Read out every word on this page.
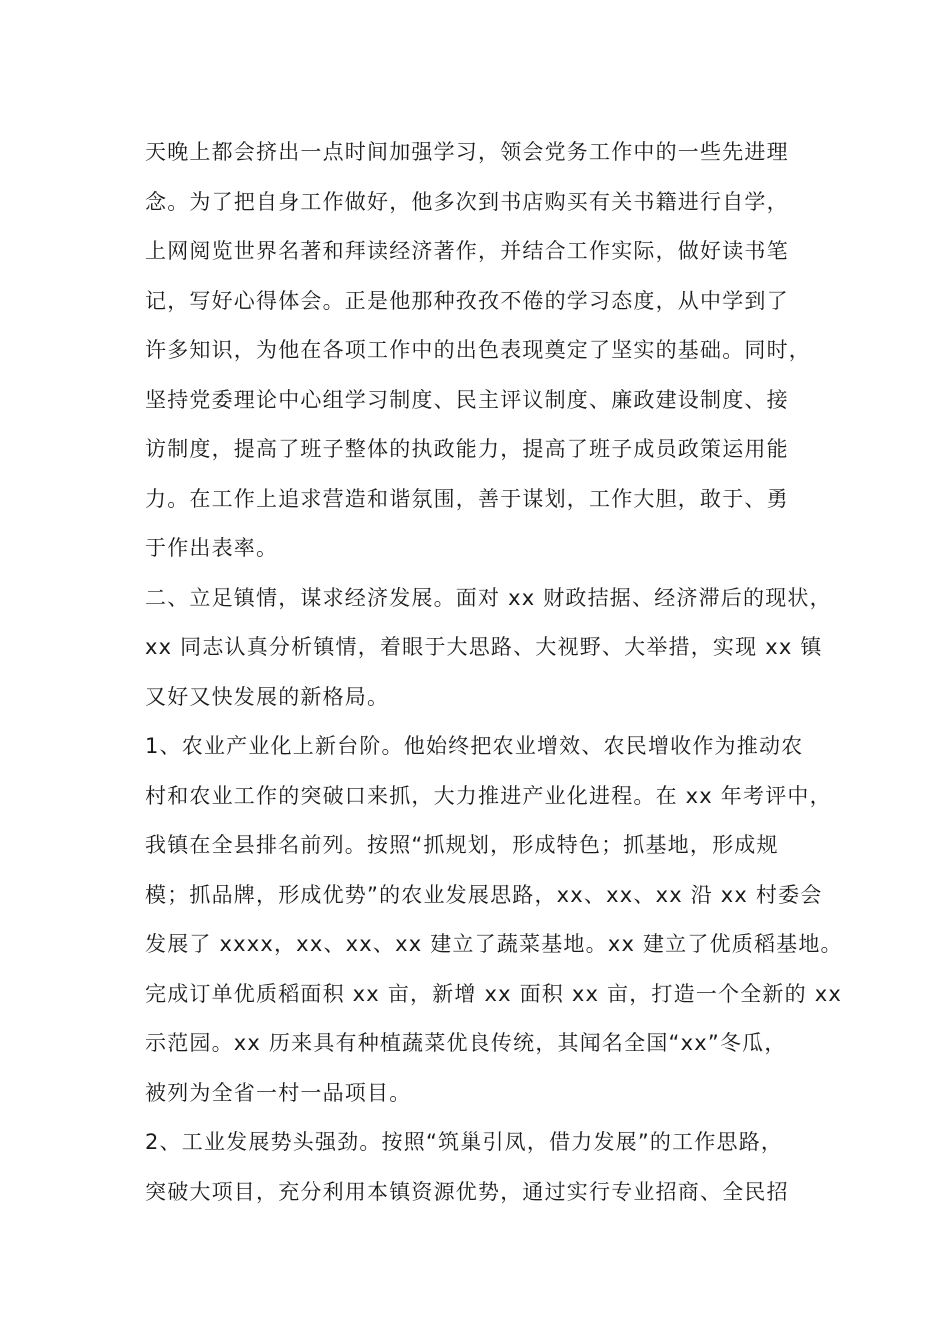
天晚上都会挤出一点时间加强学习，领会党务工作中的一些先进理
念。为了把自身工作做好，他多次到书店购买有关书籍进行自学，
上网阅览世界名著和拜读经济著作，并结合工作实际，做好读书笔
记，写好心得体会。正是他那种孜孜不倦的学习态度，从中学到了
许多知识，为他在各项工作中的出色表现奠定了坚实的基础。同时，
坚持党委理论中心组学习制度、民主评议制度、廉政建设制度、接
访制度，提高了班子整体的执政能力，提高了班子成员政策运用能
力。在工作上追求营造和谐氛围，善于谋划，工作大胆，敢于、勇
于作出表率。
二、立足镇情，谋求经济发展。面对 xx 财政拮据、经济滞后的现状，
xx 同志认真分析镇情，着眼于大思路、大视野、大举措，实现 xx 镇
又好又快发展的新格局。
1、农业产业化上新台阶。他始终把农业增效、农民增收作为推动农
村和农业工作的突破口来抓，大力推进产业化进程。在 xx 年考评中，
我镇在全县排名前列。按照“抓规划，形成特色；抓基地，形成规
模；抓品牌，形成优势”的农业发展思路，xx、xx、xx 沿 xx 村委会
发展了 xxxx，xx、xx、xx 建立了蔬菜基地。xx 建立了优质稻基地。
完成订单优质稻面积 xx 亩，新增 xx 面积 xx 亩，打造一个全新的 xx
示范园。xx 历来具有种植蔬菜优良传统，其闻名全国“xx”冬瓜，
被列为全省一村一品项目。
2、工业发展势头强劲。按照“筑巢引凤，借力发展”的工作思路，
突破大项目，充分利用本镇资源优势，通过实行专业招商、全民招
